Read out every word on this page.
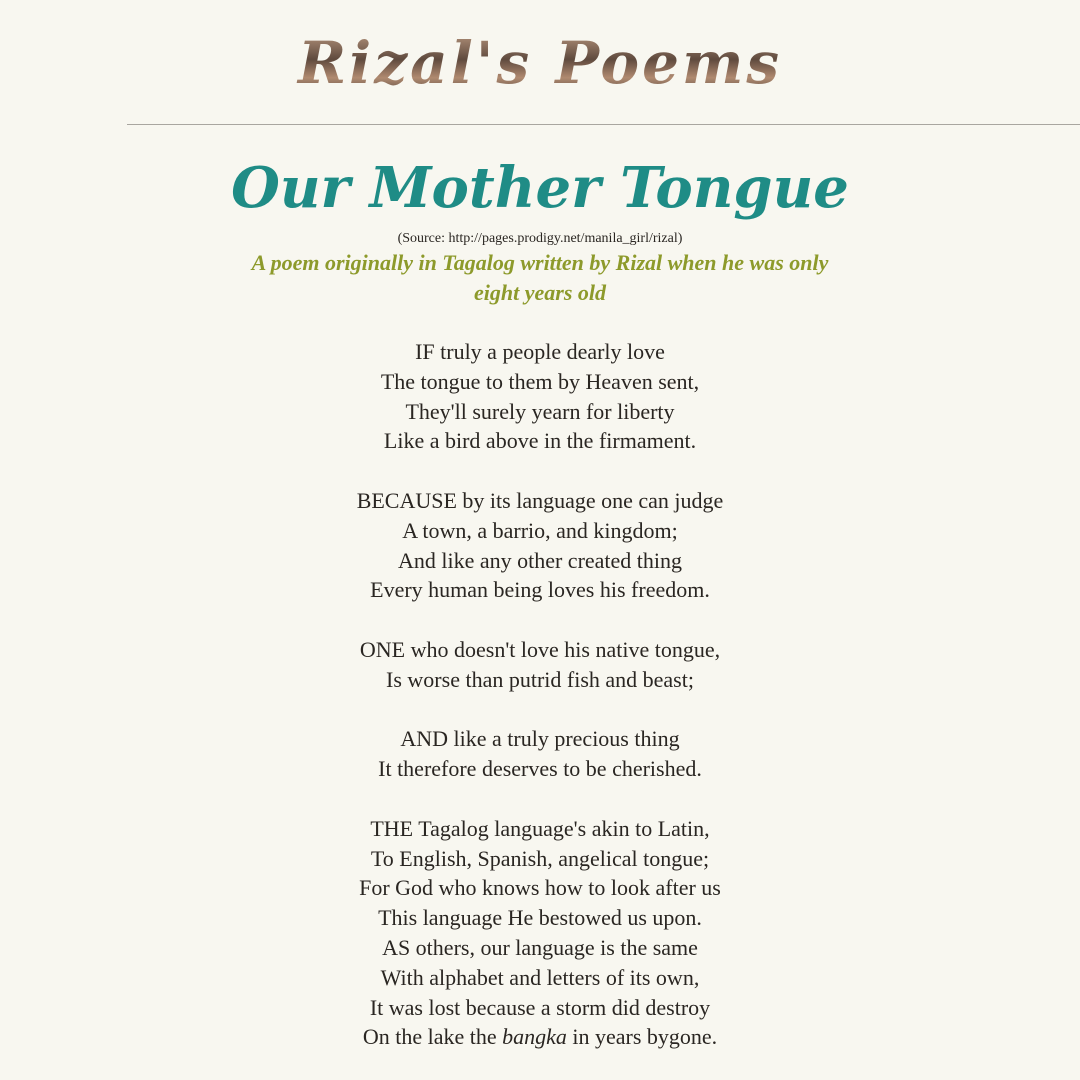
Rizal's Poems
Our Mother Tongue
(Source: http://pages.prodigy.net/manila_girl/rizal)
A poem originally in Tagalog written by Rizal when he was only eight years old
IF truly a people dearly love
The tongue to them by Heaven sent,
They'll surely yearn for liberty
Like a bird above in the firmament.
BECAUSE by its language one can judge
A town, a barrio, and kingdom;
And like any other created thing
Every human being loves his freedom.
ONE who doesn't love his native tongue,
Is worse than putrid fish and beast;
AND like a truly precious thing
It therefore deserves to be cherished.
THE Tagalog language's akin to Latin,
To English, Spanish, angelical tongue;
For God who knows how to look after us
This language He bestowed us upon.
AS others, our language is the same
With alphabet and letters of its own,
It was lost because a storm did destroy
On the lake the bangka in years bygone.
